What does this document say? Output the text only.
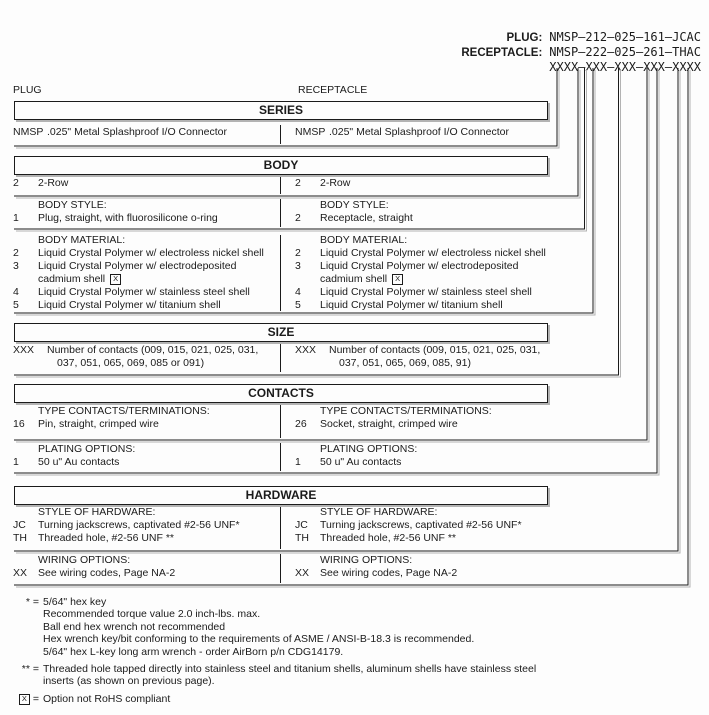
PLUG: NMSP–212–025–161–JCAC

RECEPTACLE: NMSP–222–025–261–THAC

XXXX–XXX–XXX–XXX–XXXX

PLUG	RECEPTACLE
SERIES
NMSP .025" Metal Splashproof I/O Connector	NMSP .025" Metal Splashproof I/O Connector
BODY
2	2-Row	2	2-Row
BODY STYLE:
1	Plug, straight, with fluorosilicone o-ring
BODY STYLE:
2	Receptacle, straight
BODY MATERIAL:
2	Liquid Crystal Polymer w/ electroless nickel shell
3	Liquid Crystal Polymer w/ electrodeposited
cadmium shell X
4	Liquid Crystal Polymer w/ stainless steel shell
5	Liquid Crystal Polymer w/ titanium shell
BODY MATERIAL:
2	Liquid Crystal Polymer w/ electroless nickel shell
3	Liquid Crystal Polymer w/ electrodeposited
cadmium shell X
4	Liquid Crystal Polymer w/ stainless steel shell
5	Liquid Crystal Polymer w/ titanium shell
SIZE
XXX	Number of contacts (009, 015, 021, 025, 031,
037, 051, 065, 069, 085 or 091)
XXX	Number of contacts (009, 015, 021, 025, 031,
037, 051, 065, 069, 085, 91)
CONTACTS
TYPE CONTACTS/TERMINATIONS:
16	Pin, straight, crimped wire
TYPE CONTACTS/TERMINATIONS:
26	Socket, straight, crimped wire
PLATING OPTIONS:
1	50 u" Au contacts
PLATING OPTIONS:
1	50 u" Au contacts
HARDWARE
STYLE OF HARDWARE:
JC	Turning jackscrews, captivated #2-56 UNF*
TH	Threaded hole, #2-56 UNF **
STYLE OF HARDWARE:
JC	Turning jackscrews, captivated #2-56 UNF*
TH	Threaded hole, #2-56 UNF **
WIRING OPTIONS:
XX	See wiring codes, Page NA-2
WIRING OPTIONS:
XX	See wiring codes, Page NA-2
* = 5/64" hex key
Recommended torque value 2.0 inch-lbs. max.
Ball end hex wrench not recommended
Hex wrench key/bit conforming to the requirements of ASME / ANSI-B-18.3 is recommended.
5/64" hex L-key long arm wrench - order AirBorn p/n CDG14179.
** = Threaded hole tapped directly into stainless steel and titanium shells, aluminum shells have stainless steel
inserts (as shown on previous page).
X = Option not RoHS compliant
